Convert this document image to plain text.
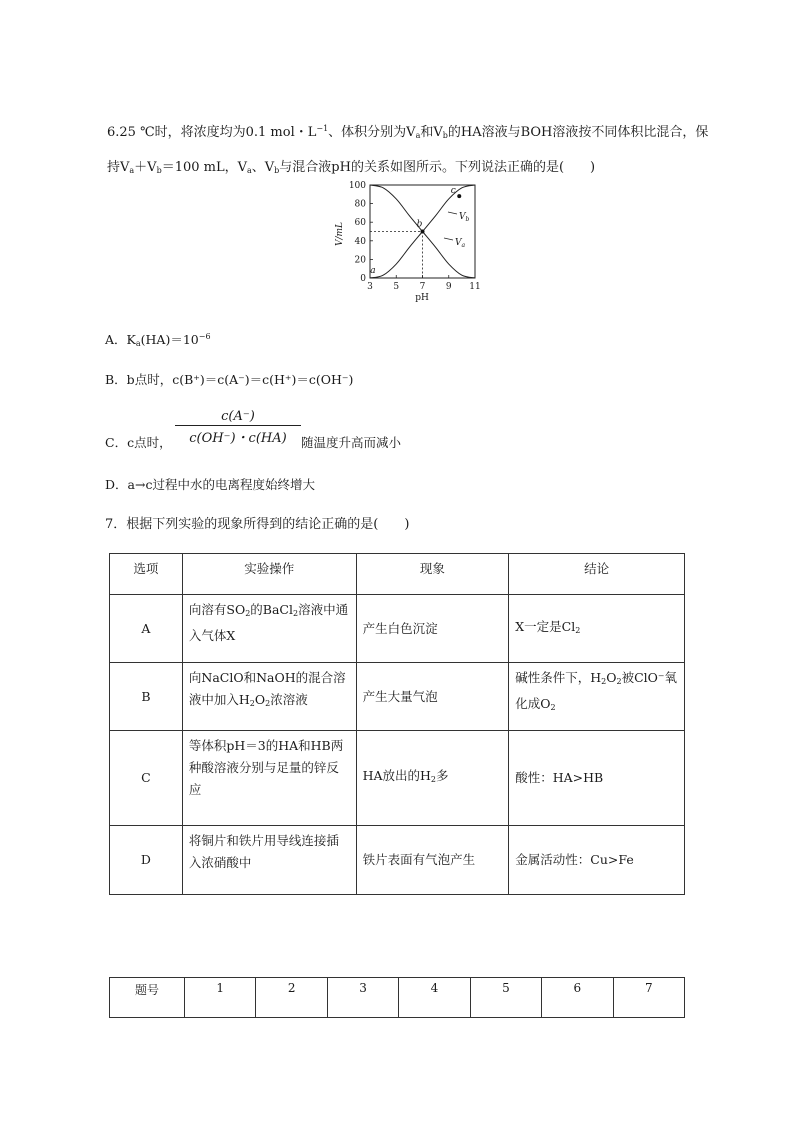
6.25 ℃时，将浓度均为0.1 mol・$L^{-1}$、体积分别为$V_a$和$V_b$的HA溶液与BOH溶液按不同体积比混合，保
持$V_a+V_b=100$ mL，$V_a$、$V_b$与混合液pH的关系如图所示。下列说法正确的是(　　)
0
20
40
60
80
100
3 5 7 9 11
a
b
c
V/mL
pH
$V_b$
$V_a$
A．$K_a(HA)=10^{-6}$
B．b点时，c(B⁺)＝c(A⁻)＝c(H⁺)＝c(OH⁻)
C．c点时， $\frac{c(A^-)}{c(OH^-)・c(HA)}$ 随温度升高而减小
D．a→c过程中水的电离程度始终增大
7．根据下列实验的现象所得到的结论正确的是(　　)
选项	实验操作	现象	结论
A	向溶有$SO_2$的BaCl$_2$溶液中通入气体X	产生白色沉淀	X一定是$Cl_2$
B	向NaClO和NaOH的混合溶液中加入$H_2O_2$浓溶液	产生大量气泡	碱性条件下，$H_2O_2$被ClO⁻氧化成$O_2$
C	等体积pH＝3的HA和HB两种酸溶液分别与足量的锌反应	HA放出的$H_2$多	酸性：HA>HB
D	将铜片和铁片用导线连接插入浓硝酸中	铁片表面有气泡产生	金属活动性：Cu>Fe
题号	1	2	3	4	5	6	7
